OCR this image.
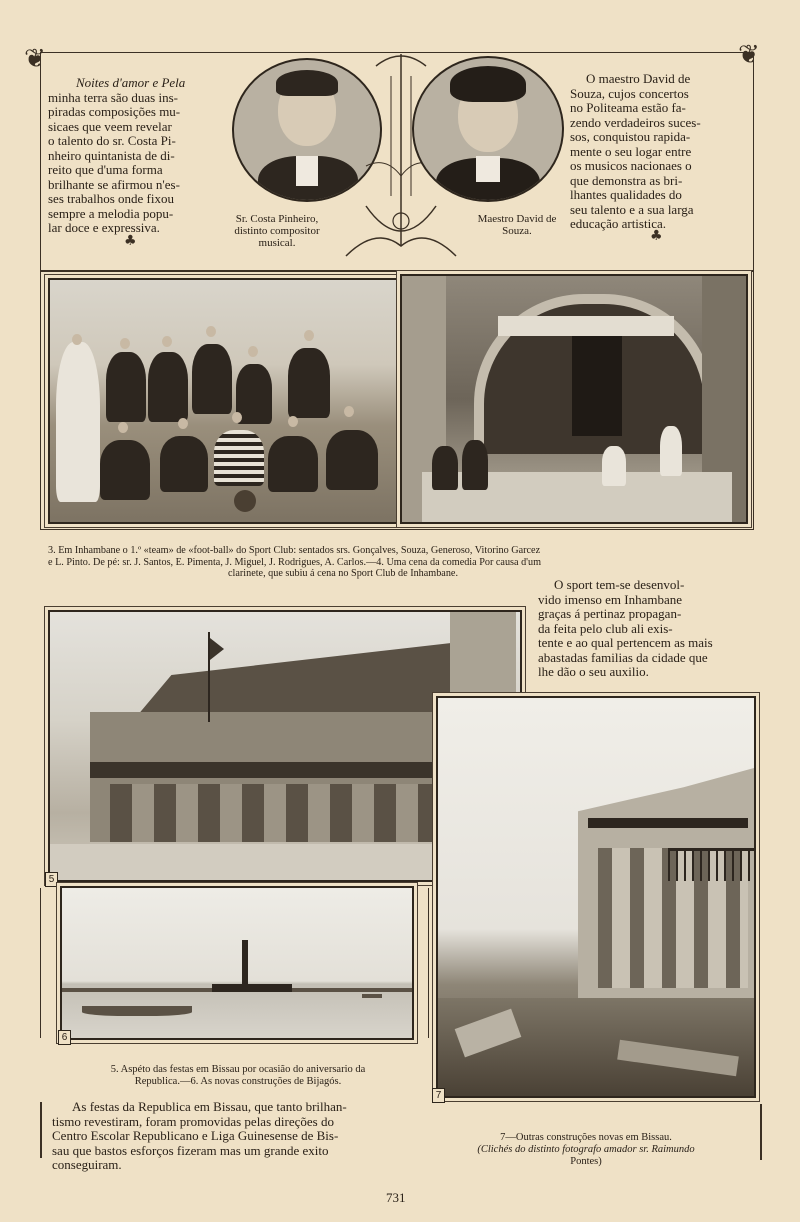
❦	❦
Noites d'amor e Pela
minha terra são duas ins-
piradas composições mu-
sicaes que veem revelar
o talento do sr. Costa Pi-
nheiro quintanista de di-
reito que d'uma forma
brilhante se afirmou n'es-
ses trabalhos onde fixou
sempre a melodia popu-
lar doce e expressiva.
♣
Sr. Costa Pinheiro,
distinto compositor
musical.
Maestro David de
Souza.
O maestro David de
Souza, cujos concertos
no Politeama estão fa-
zendo verdadeiros suces-
sos, conquistou rapida-
mente o seu logar entre
os musicos nacionaes o
que demonstra as bri-
lhantes qualidades do
seu talento e a sua larga
educação artistica.
♣
3. Em Inhambane o 1.º «team» de «foot-ball» do Sport Club: sentados srs. Gonçalves, Souza, Generoso, Vitorino Garcez
e L. Pinto. De pé: sr. J. Santos, E. Pimenta, J. Miguel, J. Rodrigues, A. Carlos.—4. Uma cena da comedia Por causa d'um
clarinete, que subiu á cena no Sport Club de Inhambane.
O sport tem-se desenvol-
vido imenso em Inhambane
graças á pertinaz propagan-
da feita pelo club ali exis-
tente e ao qual pertencem as mais
abastadas familias da cidade que
lhe dão o seu auxilio.
5
6
5. Aspéto das festas em Bissau por ocasião do aniversario da
Republica.—6. As novas construções de Bijagós.
As festas da Republica em Bissau, que tanto brilhan-
tismo revestiram, foram promovidas pelas direções do
Centro Escolar Republicano e Liga Guinesense de Bis-
sau que bastos esforços fizeram mas um grande exito
conseguiram.
7
7—Outras construções novas em Bissau.
(Clichés do distinto fotografo amador sr. Raimundo
Pontes)
731
